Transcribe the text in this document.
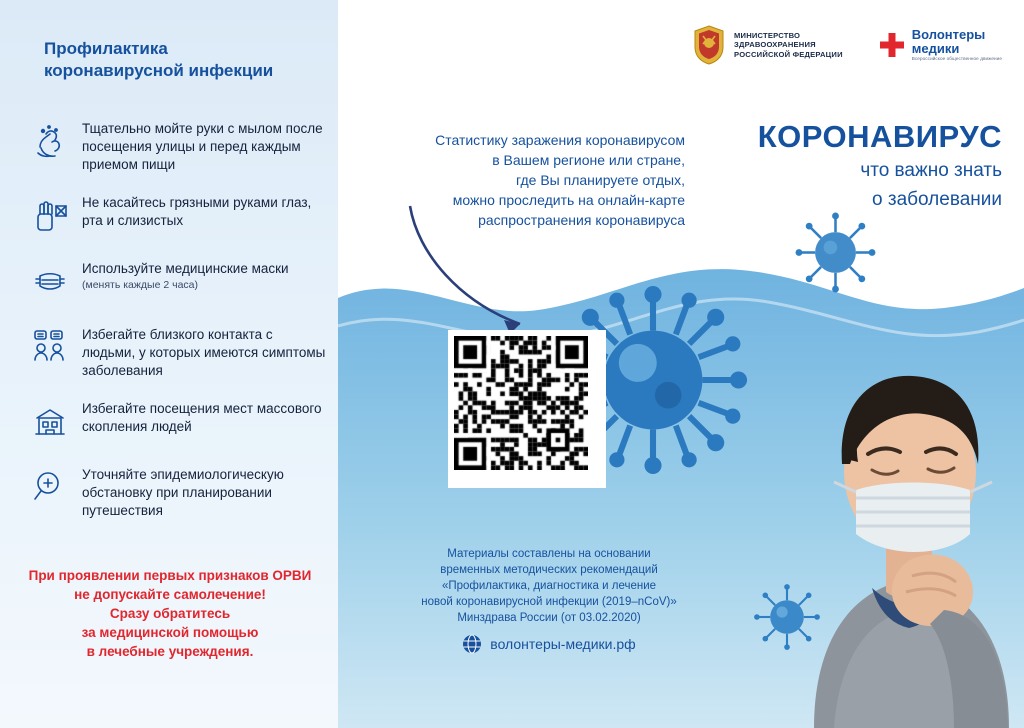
Профилактика
коронавирусной инфекции
Тщательно мойте руки с мылом после посещения улицы и перед каждым приемом пищи
Не касайтесь грязными руками глаз, рта и слизистых
Используйте медицинские маски
(менять каждые 2 часа)
Избегайте близкого контакта с людьми, у которых имеются симптомы заболевания
Избегайте посещения мест массового скопления людей
Уточняйте эпидемиологическую обстановку при планировании путешествия
При проявлении первых признаков ОРВИ
не допускайте самолечение!
Сразу обратитесь
за медицинской помощью
в лечебные учреждения.
МИНИСТЕРСТВО
ЗДРАВООХРАНЕНИЯ
РОССИЙСКОЙ ФЕДЕРАЦИИ
Волонтеры
медики
Всероссийское общественное движение
КОРОНАВИРУС
что важно знать
о заболевании
Статистику заражения коронавирусом
в Вашем регионе или стране,
где Вы планируете отдых,
можно проследить на онлайн-карте
распространения коронавируса
Материалы составлены на основании
временных методических рекомендаций
«Профилактика, диагностика и лечение
новой коронавирусной инфекции (2019–nCoV)»
Минздрава России (от 03.02.2020)
волонтеры-медики.рф
